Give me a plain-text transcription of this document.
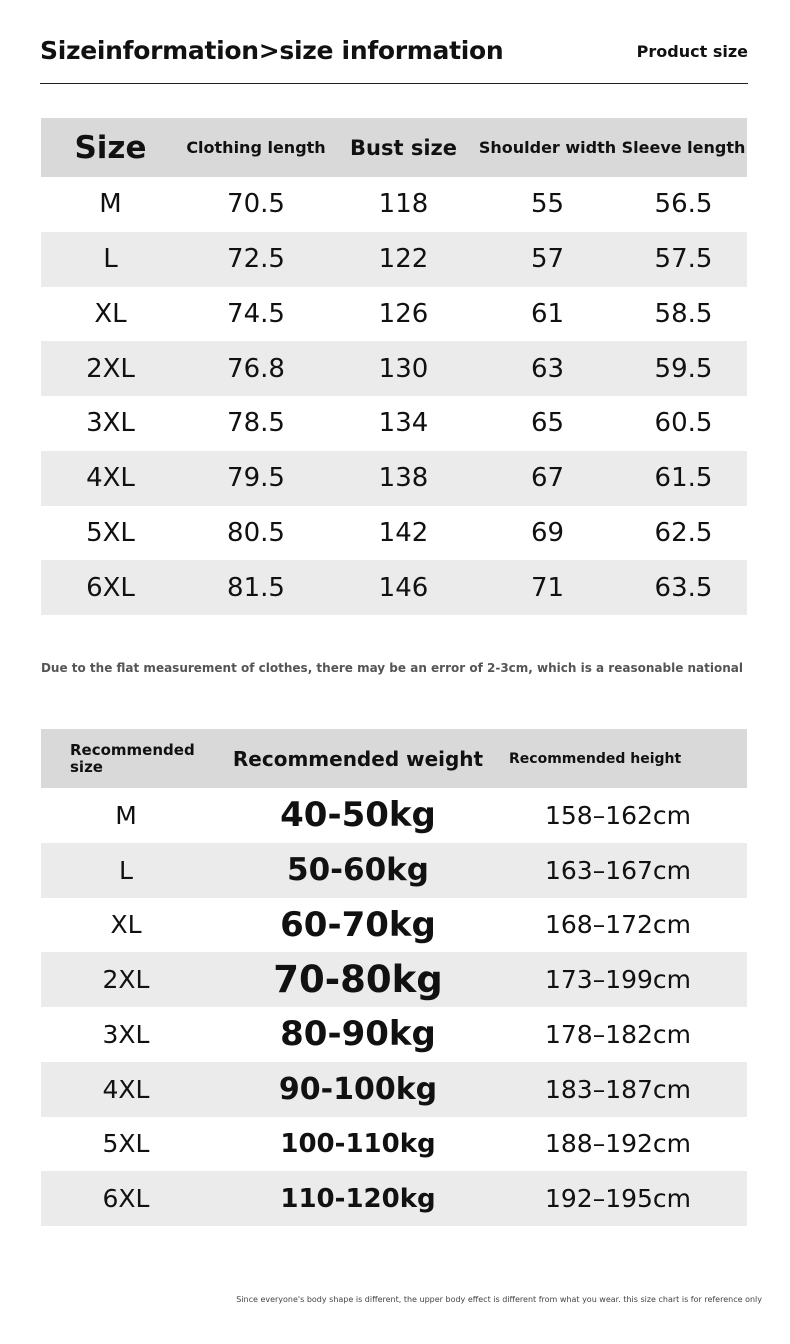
Sizeinformation>size information	Product size
Size	Clothing length	Bust size	Shoulder width	Sleeve length
M	70.5	118	55	56.5
L	72.5	122	57	57.5
XL	74.5	126	61	58.5
2XL	76.8	130	63	59.5
3XL	78.5	134	65	60.5
4XL	79.5	138	67	61.5
5XL	80.5	142	69	62.5
6XL	81.5	146	71	63.5
Due to the flat measurement of clothes, there may be an error of 2-3cm, which is a reasonable national
Recommended size	Recommended weight	Recommended height
M	40-50kg	158–162cm
L	50-60kg	163–167cm
XL	60-70kg	168–172cm
2XL	70-80kg	173–199cm
3XL	80-90kg	178–182cm
4XL	90-100kg	183–187cm
5XL	100-110kg	188–192cm
6XL	110-120kg	192–195cm
Since everyone's body shape is different, the upper body effect is different from what you wear. this size chart is for reference only
